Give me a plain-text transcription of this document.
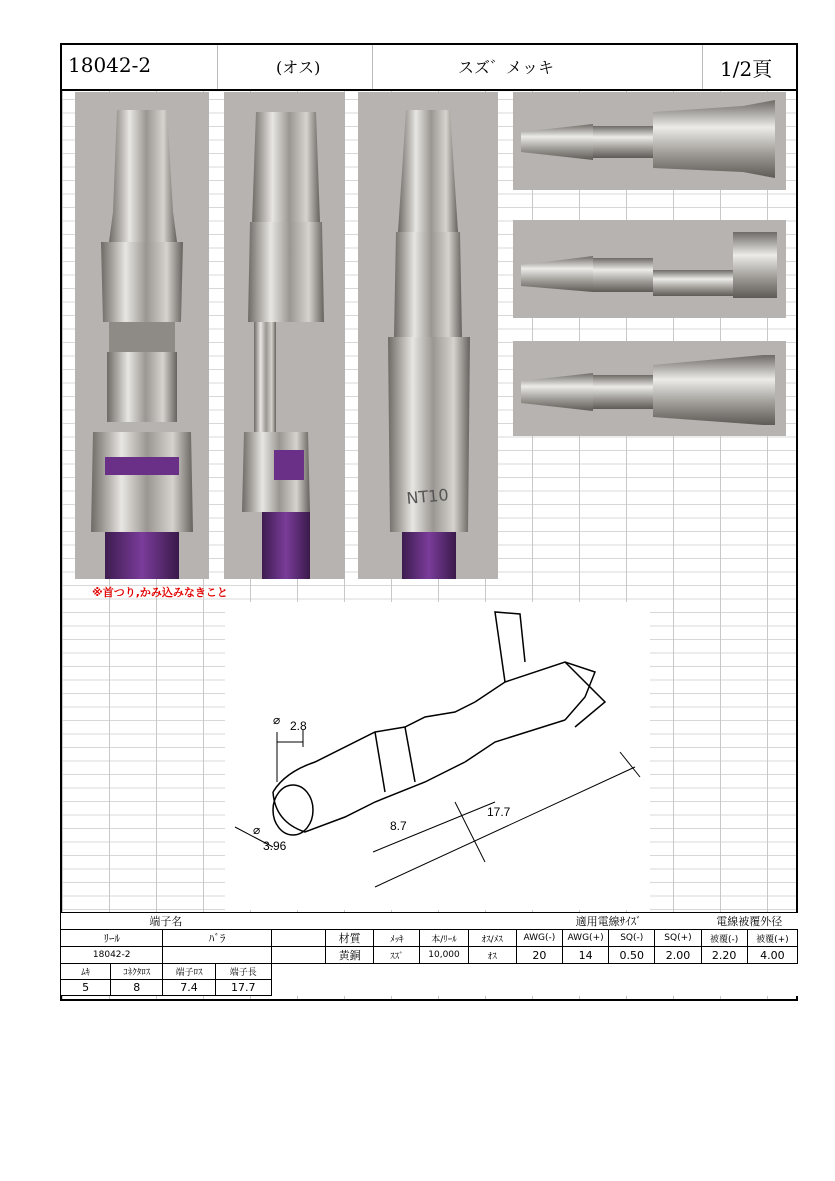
18042-2	(オス)	スズ゛メッキ	1/2頁
NT10
※首つり,かみ込みなきこと
2.8
⌀
3.96
⌀	8.7
17.7
端子名									適用電線ｻｲｽﾞ				電線被覆外径	
ﾘｰﾙ		ﾊﾞﾗ			材質	ﾒｯｷ	本/ﾘｰﾙ	ｵｽ/ﾒｽ	AWG(-)	AWG(+)	SQ(-)	SQ(+)	被覆(-)	被覆(+)
18042-2					黄銅	ｽｽﾞ	10,000	ｵｽ	20	14	0.50	2.00	2.20	4.00
ﾑｷ	ｺﾈｸﾀﾛｽ	端子ﾛｽ	端子長											
5	8	7.4	17.7											
